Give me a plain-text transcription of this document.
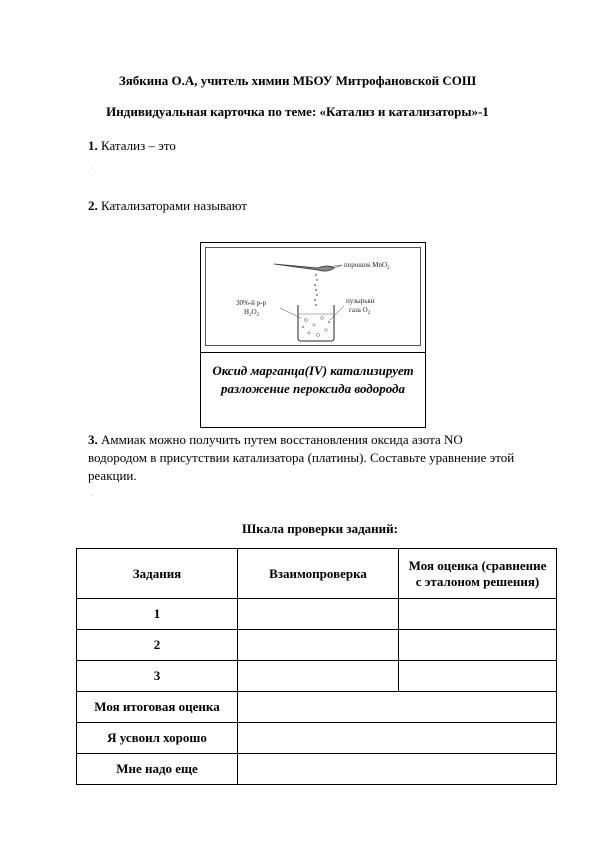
Зябкина О.А, учитель химии МБОУ Митрофановской СОШ
Индивидуальная карточка по теме: «Катализ и катализаторы»-1
1. Катализ – это
·
2. Катализаторами называют
порошок MnO$_2$
30%-й р-р
$H_2O_2$
пузырьки
газа $O_2$
Оксид марганца(IV) катализирует
разложение пероксида водорода
3. Аммиак можно получить путем восстановления оксида азота NO
водородом в присутствии катализатора (платины). Составьте уравнение этой
реакции.
·
Шкала проверки заданий:
Задания	Взаимопроверка	Моя оценка (сравнение
с эталоном решения)

1		
2		
3		
Моя итоговая оценка		
Я усвоил хорошо		
Мне надо еще		
